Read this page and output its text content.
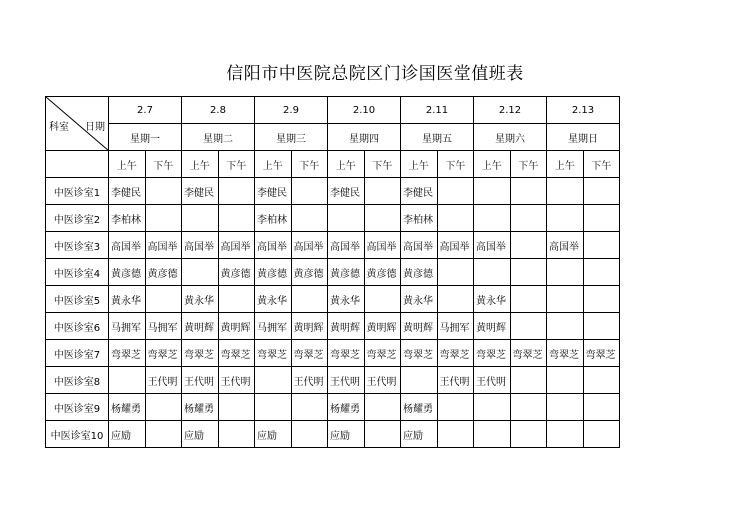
信阳市中医院总院区门诊国医堂值班表
日期
科室	2.7		2.8		2.9		2.10		2.11		2.12		2.13	
	星期一		星期二		星期三		星期四		星期五		星期六		星期日	
	上午	下午	上午	下午	上午	下午	上午	下午	上午	下午	上午	下午	上午	下午
中医诊室1	李健民		李健民		李健民		李健民		李健民					
中医诊室2	李柏林				李柏林				李柏林					
中医诊室3	高国举	高国举	高国举	高国举	高国举	高国举	高国举	高国举	高国举	高国举	高国举		高国举	
中医诊室4	黄彦德	黄彦德		黄彦德	黄彦德	黄彦德	黄彦德	黄彦德	黄彦德					
中医诊室5	黄永华		黄永华		黄永华		黄永华		黄永华		黄永华			
中医诊室6	马拥军	马拥军	黄明辉	黄明辉	马拥军	黄明辉	黄明辉	黄明辉	黄明辉	马拥军	黄明辉			
中医诊室7	弯翠芝	弯翠芝	弯翠芝	弯翠芝	弯翠芝	弯翠芝	弯翠芝	弯翠芝	弯翠芝	弯翠芝	弯翠芝	弯翠芝	弯翠芝	弯翠芝
中医诊室8		王代明	王代明	王代明		王代明	王代明	王代明		王代明	王代明			
中医诊室9	杨耀勇		杨耀勇				杨耀勇		杨耀勇					
中医诊室10	应励		应励		应励		应励		应励					
